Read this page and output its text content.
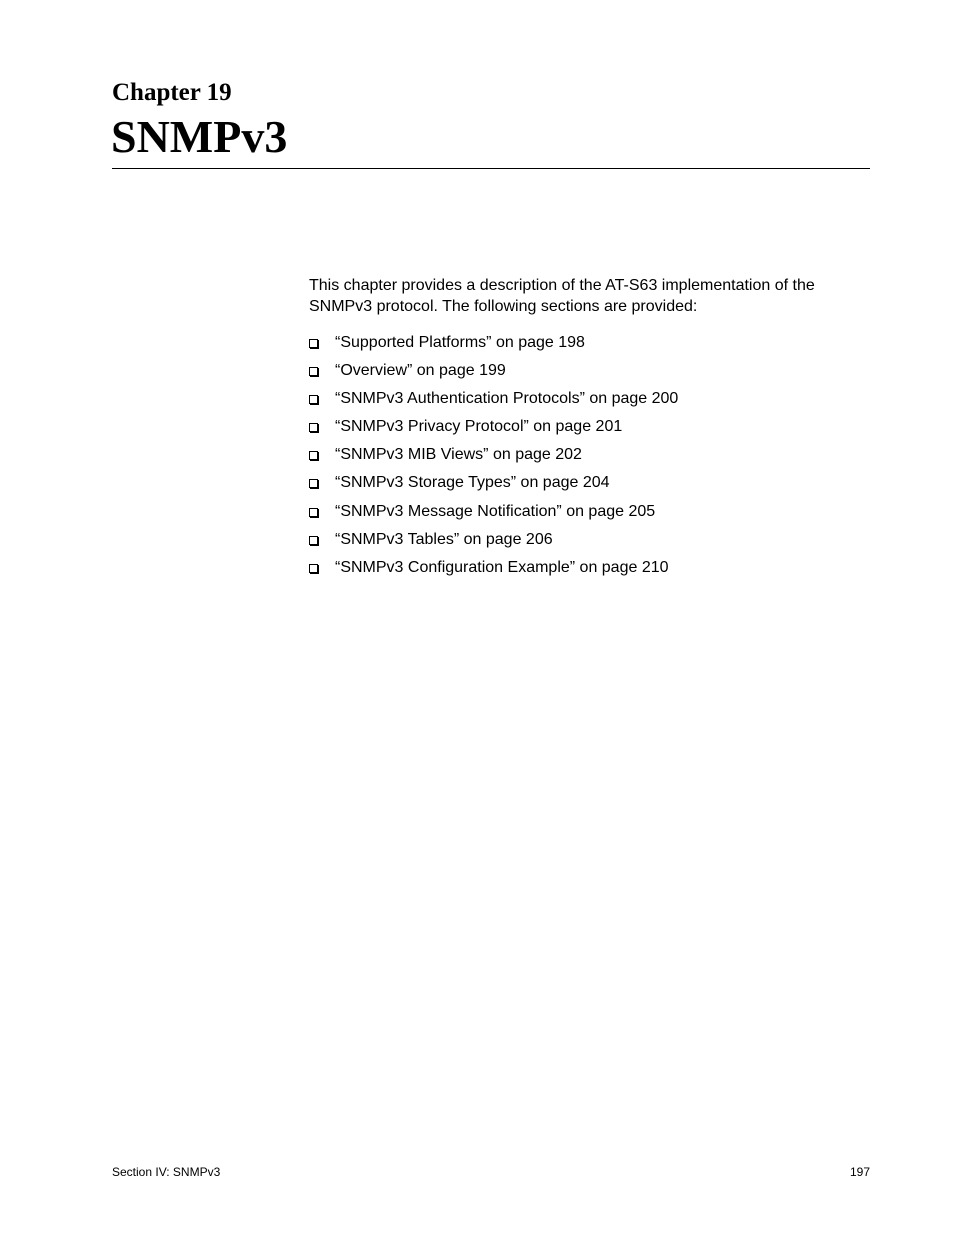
Chapter 19
SNMPv3

This chapter provides a description of the AT-S63 implementation of the SNMPv3 protocol. The following sections are provided:

“Supported Platforms” on page 198
“Overview” on page 199
“SNMPv3 Authentication Protocols” on page 200
“SNMPv3 Privacy Protocol” on page 201
“SNMPv3 MIB Views” on page 202
“SNMPv3 Storage Types” on page 204
“SNMPv3 Message Notification” on page 205
“SNMPv3 Tables” on page 206
“SNMPv3 Configuration Example” on page 210
Section IV: SNMPv3	197
